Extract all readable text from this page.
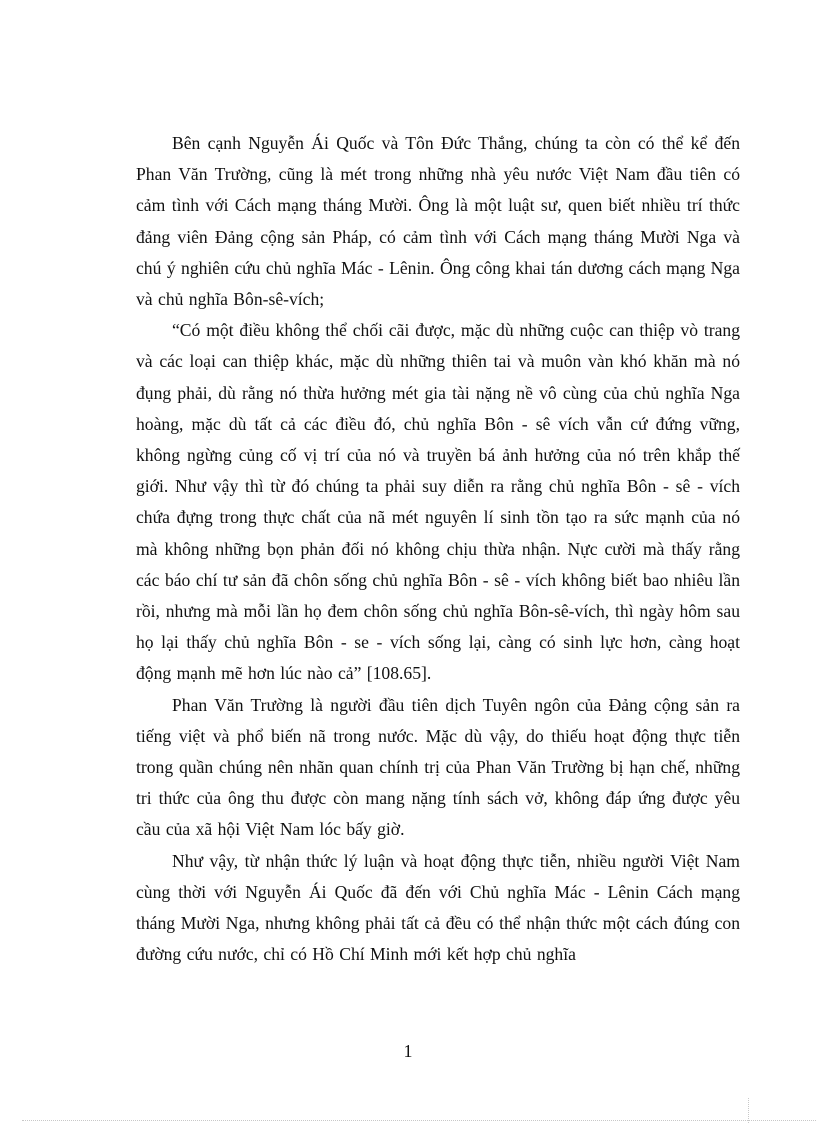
Bên cạnh Nguyễn Ái Quốc và Tôn Đức Thắng, chúng ta còn có thể kể đến Phan Văn Trường, cũng là mét trong những nhà yêu nước Việt Nam đầu tiên có cảm tình với Cách mạng tháng Mười. Ông là một luật sư, quen biết nhiều trí thức đảng viên Đảng cộng sản Pháp, có cảm tình với Cách mạng tháng Mười Nga và chú ý nghiên cứu chủ nghĩa Mác - Lênin. Ông công khai tán dương cách mạng Nga và chủ nghĩa Bôn-sê-vích;

“Có một điều không thể chối cãi được, mặc dù những cuộc can thiệp vò trang và các loại can thiệp khác, mặc dù những thiên tai và muôn vàn khó khăn mà nó đụng phải, dù rằng nó thừa hưởng mét gia tài nặng nề vô cùng của chủ nghĩa Nga hoàng, mặc dù tất cả các điều đó, chủ nghĩa Bôn - sê vích vẫn cứ đứng vững, không ngừng củng cố vị trí của nó và truyền bá ảnh hưởng của nó trên khắp thế giới. Như vậy thì từ đó chúng ta phải suy diễn ra rằng chủ nghĩa Bôn - sê - vích chứa đựng trong thực chất của nã mét nguyên lí sinh tồn tạo ra sức mạnh của nó mà không những bọn phản đối nó không chịu thừa nhận. Nực cười mà thấy rằng các báo chí tư sản đã chôn sống chủ nghĩa Bôn - sê - vích không biết bao nhiêu lần rồi, nhưng mà mỗi lần họ đem chôn sống chủ nghĩa Bôn-sê-vích, thì ngày hôm sau họ lại thấy chủ nghĩa Bôn - se - vích sống lại, càng có sinh lực hơn, càng hoạt động mạnh mẽ hơn lúc nào cả” [108.65].

Phan Văn Trường là người đầu tiên dịch Tuyên ngôn của Đảng cộng sản ra tiếng việt và phổ biến nã trong nước. Mặc dù vậy, do thiếu hoạt động thực tiễn trong quần chúng nên nhãn quan chính trị của Phan Văn Trường bị hạn chế, những tri thức của ông thu được còn mang nặng tính sách vở, không đáp ứng được yêu cầu của xã hội Việt Nam lóc bấy giờ.

Như vậy, từ nhận thức lý luận và hoạt động thực tiễn, nhiều người Việt Nam cùng thời với Nguyễn Ái Quốc đã đến với Chủ nghĩa Mác - Lênin Cách mạng tháng Mười Nga, nhưng không phải tất cả đều có thể nhận thức một cách đúng con đường cứu nước, chỉ có Hồ Chí Minh mới kết hợp chủ nghĩa

1
